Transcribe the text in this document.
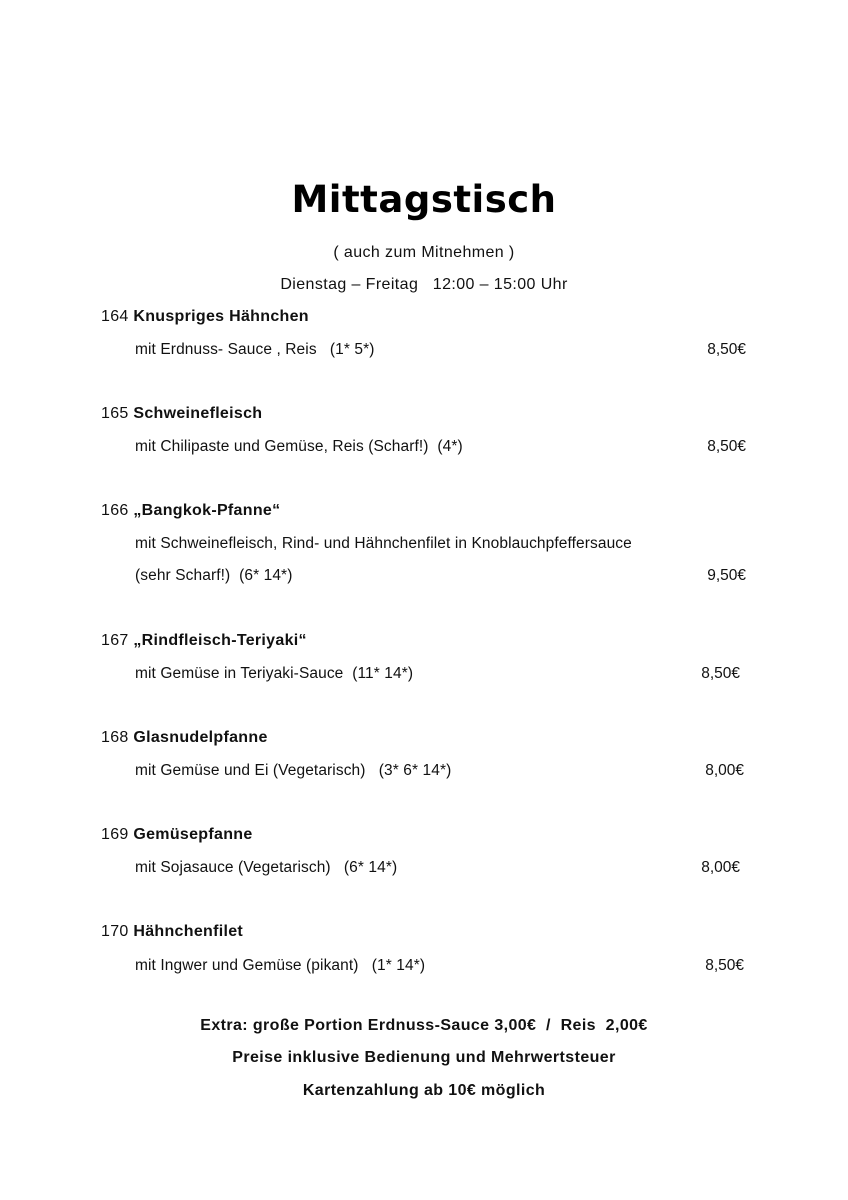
Mittagstisch
( auch zum Mitnehmen )
Dienstag – Freitag   12:00 – 15:00 Uhr
164 Knuspriges Hähnchen
mit Erdnuss- Sauce , Reis   (1* 5*)	8,50€
165 Schweinefleisch
mit Chilipaste und Gemüse, Reis (Scharf!)  (4*)	8,50€
166 „Bangkok-Pfanne“
mit Schweinefleisch, Rind- und Hähnchenfilet in Knoblauchpfeffersauce
(sehr Scharf!)  (6* 14*)	9,50€
167 „Rindfleisch-Teriyaki“
mit Gemüse in Teriyaki-Sauce  (11* 14*)	8,50€
168 Glasnudelpfanne
mit Gemüse und Ei (Vegetarisch)   (3* 6* 14*)	8,00€
169 Gemüsepfanne
mit Sojasauce (Vegetarisch)   (6* 14*)	8,00€
170 Hähnchenfilet
mit Ingwer und Gemüse (pikant)   (1* 14*)	8,50€
Extra: große Portion Erdnuss-Sauce 3,00€  /  Reis  2,00€
Preise inklusive Bedienung und Mehrwertsteuer
Kartenzahlung ab 10€ möglich
